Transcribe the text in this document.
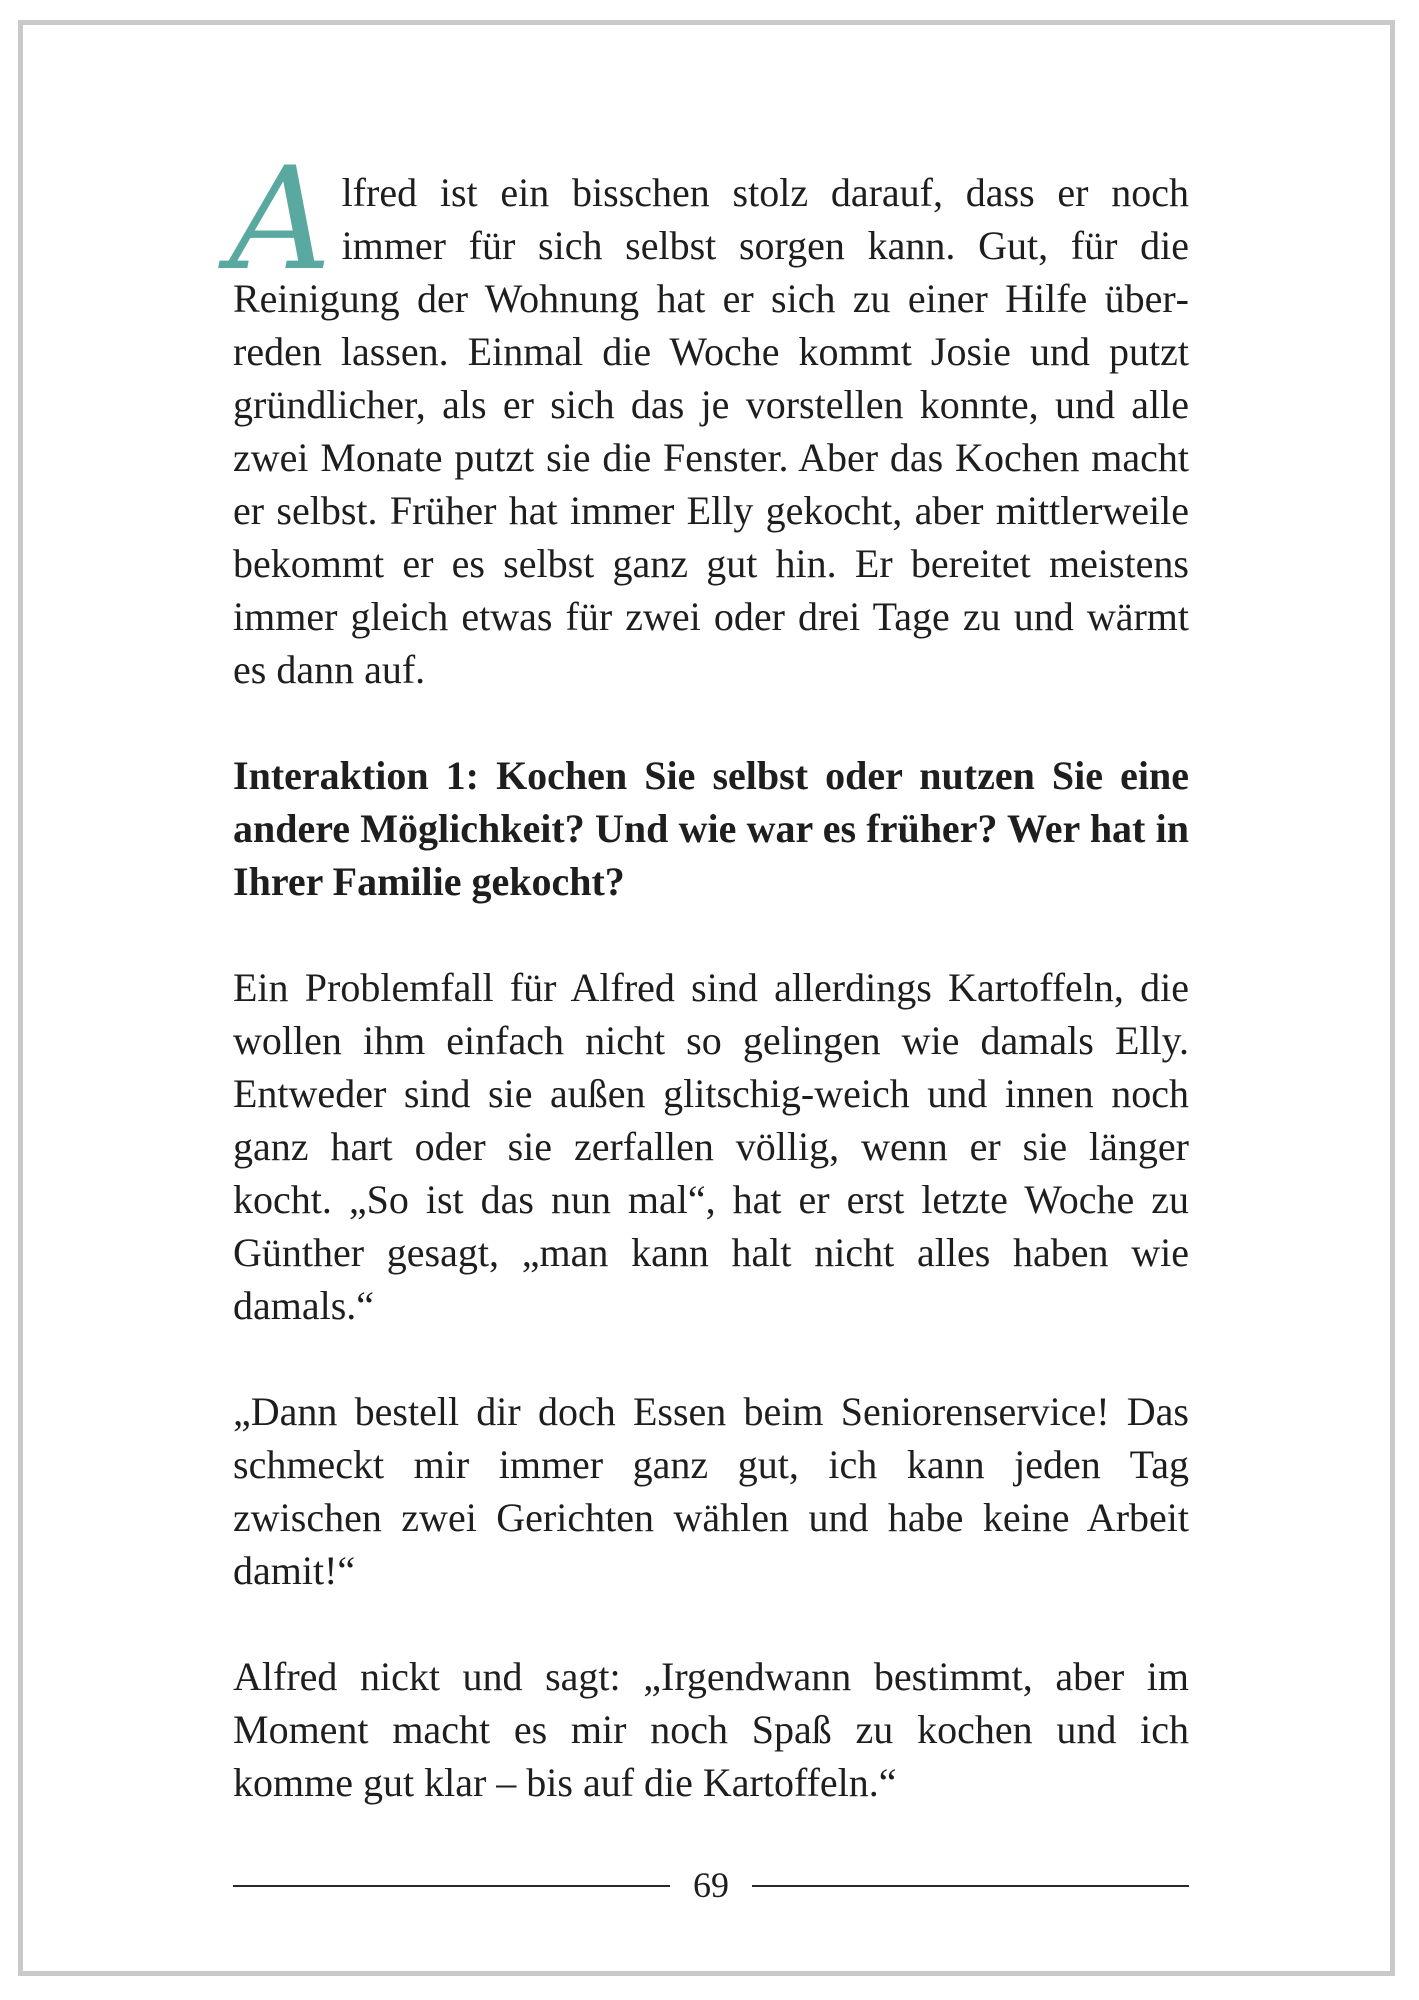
Alfred ist ein bisschen stolz darauf, dass er noch immer für sich selbst sorgen kann. Gut, für die Reinigung der Wohnung hat er sich zu einer Hilfe überreden lassen. Einmal die Woche kommt Josie und putzt gründlicher, als er sich das je vorstellen konnte, und alle zwei Monate putzt sie die Fenster. Aber das Kochen macht er selbst. Früher hat immer Elly gekocht, aber mittlerweile bekommt er es selbst ganz gut hin. Er bereitet meistens immer gleich etwas für zwei oder drei Tage zu und wärmt es dann auf.

Interaktion 1: Kochen Sie selbst oder nutzen Sie eine andere Möglichkeit? Und wie war es früher? Wer hat in Ihrer Familie gekocht?

Ein Problemfall für Alfred sind allerdings Kartoffeln, die wollen ihm einfach nicht so gelingen wie damals Elly. Entweder sind sie außen glitschig-weich und innen noch ganz hart oder sie zerfallen völlig, wenn er sie länger kocht. „So ist das nun mal“, hat er erst letzte Woche zu Günther gesagt, „man kann halt nicht alles haben wie damals.“

„Dann bestell dir doch Essen beim Seniorenservice! Das schmeckt mir immer ganz gut, ich kann jeden Tag zwischen zwei Gerichten wählen und habe keine Arbeit damit!“

Alfred nickt und sagt: „Irgendwann bestimmt, aber im Moment macht es mir noch Spaß zu kochen und ich komme gut klar – bis auf die Kartoffeln.“

69
